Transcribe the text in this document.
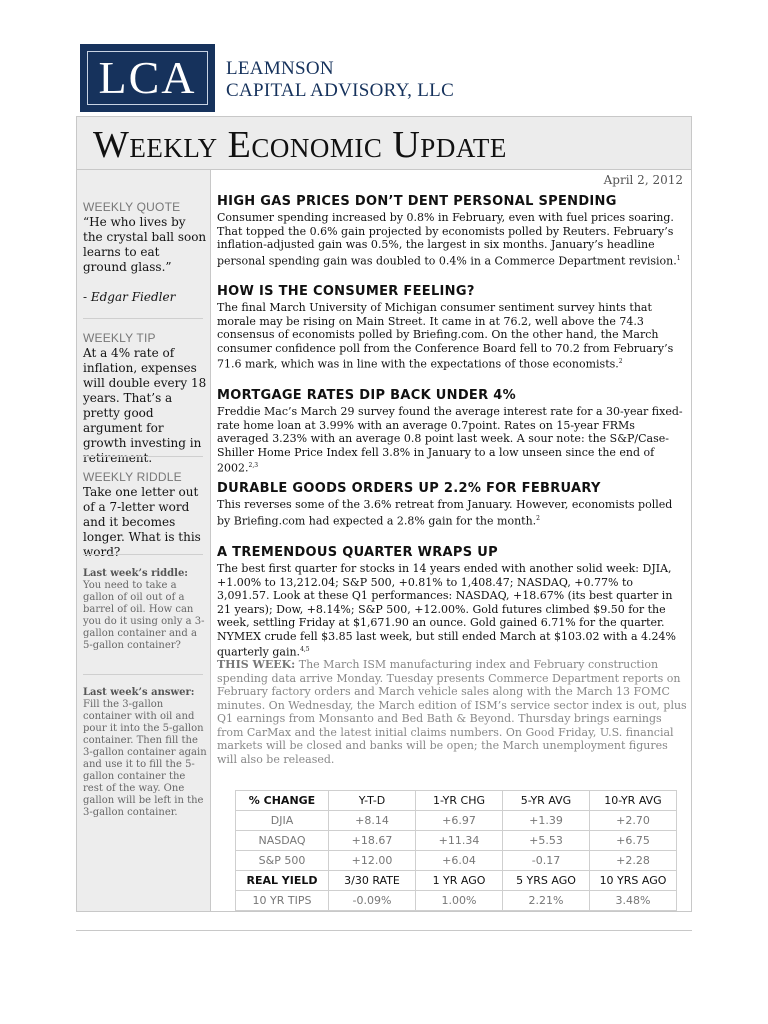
LCA LEAMNSON
CAPITAL ADVISORY, LLC
Weekly Economic Update
April 2, 2012
WEEKLY QUOTE
“He who lives by the crystal ball soon learns to eat ground glass.”
- Edgar Fiedler
WEEKLY TIP
At a 4% rate of inflation, expenses will double every 18 years. That’s a pretty good argument for growth investing in retirement.
WEEKLY RIDDLE
Take one letter out of a 7-letter word and it becomes longer. What is this word?
Last week’s riddle: You need to take a gallon of oil out of a barrel of oil. How can you do it using only a 3-gallon container and a 5-gallon container?
Last week’s answer: Fill the 3-gallon container with oil and pour it into the 5-gallon container. Then fill the 3-gallon container again and use it to fill the 5-gallon container the rest of the way. One gallon will be left in the 3-gallon container.
HIGH GAS PRICES DON’T DENT PERSONAL SPENDING

Consumer spending increased by 0.8% in February, even with fuel prices soaring. That topped the 0.6% gain projected by economists polled by Reuters. February’s inflation-adjusted gain was 0.5%, the largest in six months. January’s headline personal spending gain was doubled to 0.4% in a Commerce Department revision.$^1$

HOW IS THE CONSUMER FEELING?

The final March University of Michigan consumer sentiment survey hints that morale may be rising on Main Street. It came in at 76.2, well above the 74.3 consensus of economists polled by Briefing.com. On the other hand, the March consumer confidence poll from the Conference Board fell to 70.2 from February’s 71.6 mark, which was in line with the expectations of those economists.$^2$

MORTGAGE RATES DIP BACK UNDER 4%

Freddie Mac’s March 29 survey found the average interest rate for a 30-year fixed-rate home loan at 3.99% with an average 0.7point. Rates on 15-year FRMs averaged 3.23% with an average 0.8 point last week. A sour note: the S&P/Case-Shiller Home Price Index fell 3.8% in January to a low unseen since the end of 2002.$^{2,3}$

DURABLE GOODS ORDERS UP 2.2% FOR FEBRUARY

This reverses some of the 3.6% retreat from January. However, economists polled by Briefing.com had expected a 2.8% gain for the month.$^2$

A TREMENDOUS QUARTER WRAPS UP

The best first quarter for stocks in 14 years ended with another solid week: DJIA, +1.00% to 13,212.04; S&P 500, +0.81% to 1,408.47; NASDAQ, +0.77% to 3,091.57. Look at these Q1 performances: NASDAQ, +18.67% (its best quarter in 21 years); Dow, +8.14%; S&P 500, +12.00%. Gold futures climbed $9.50 for the week, settling Friday at $1,671.90 an ounce. Gold gained 6.71% for the quarter. NYMEX crude fell $3.85 last week, but still ended March at $103.02 with a 4.24% quarterly gain.$^{4,5}$

THIS WEEK: The March ISM manufacturing index and February construction spending data arrive Monday. Tuesday presents Commerce Department reports on February factory orders and March vehicle sales along with the March 13 FOMC minutes. On Wednesday, the March edition of ISM’s service sector index is out, plus Q1 earnings from Monsanto and Bed Bath & Beyond. Thursday brings earnings from CarMax and the latest initial claims numbers. On Good Friday, U.S. financial markets will be closed and banks will be open; the March unemployment figures will also be released.
% CHANGE	Y-T-D	1-YR CHG	5-YR AVG	10-YR AVG
DJIA	+8.14	+6.97	+1.39	+2.70
NASDAQ	+18.67	+11.34	+5.53	+6.75
S&P 500	+12.00	+6.04	-0.17	+2.28
REAL YIELD	3/30 RATE	1 YR AGO	5 YRS AGO	10 YRS AGO
10 YR TIPS	-0.09%	1.00%	2.21%	3.48%
